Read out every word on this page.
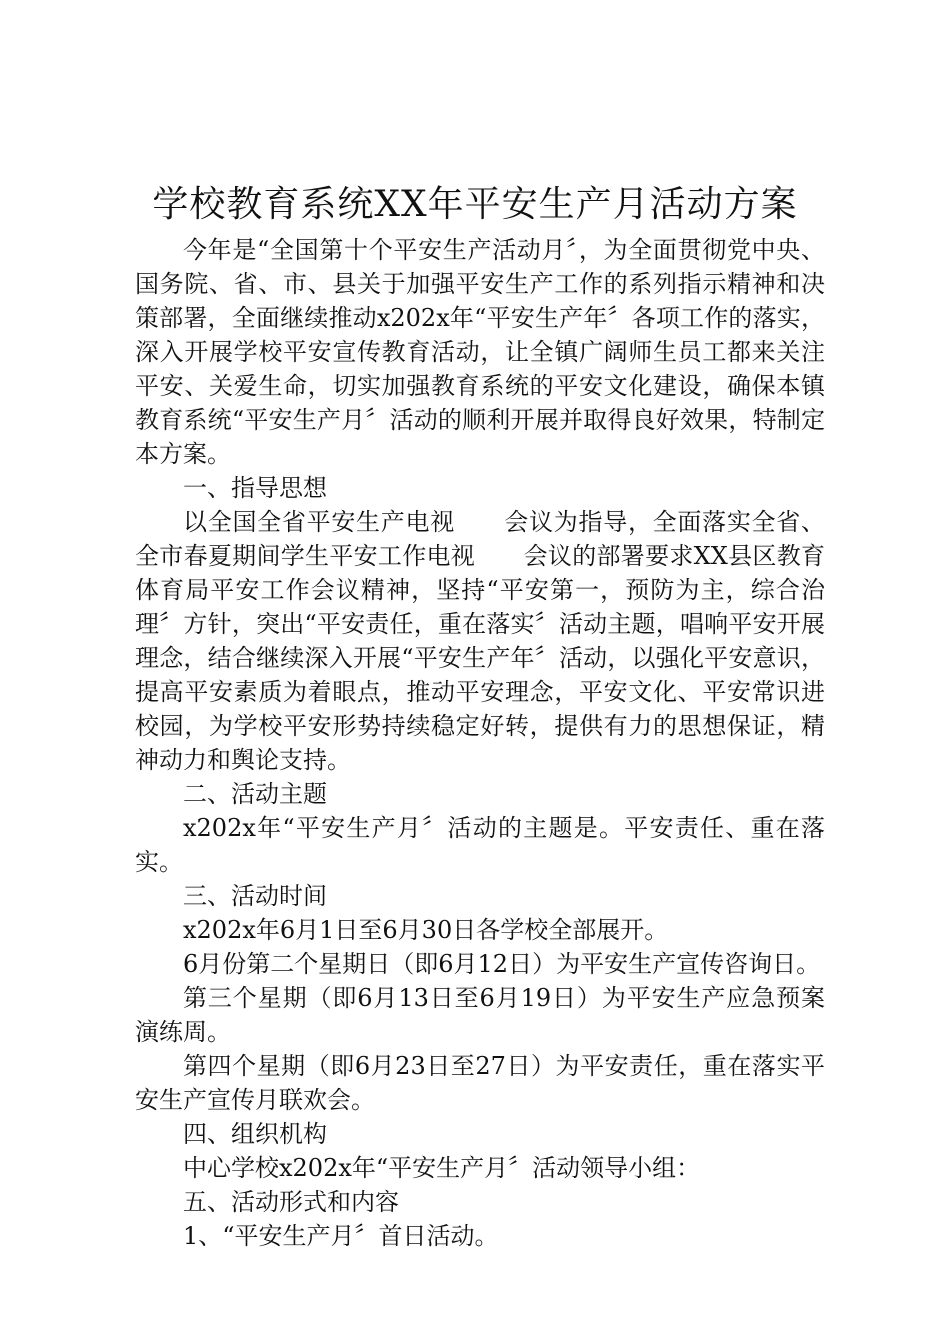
学校教育系统XX年平安生产月活动方案

今年是“全国第十个平安生产活动月〞，为全面贯彻党中央、国务院、省、市、县关于加强平安生产工作的系列指示精神和决策部署，全面继续推动x202x年“平安生产年〞各项工作的落实，深入开展学校平安宣传教育活动，让全镇广阔师生员工都来关注平安、关爱生命，切实加强教育系统的平安文化建设，确保本镇教育系统“平安生产月〞活动的顺利开展并取得良好效果，特制定本方案。

一、指导思想

以全国全省平安生产电视　　会议为指导，全面落实全省、全市春夏期间学生平安工作电视　　会议的部署要求XX县区教育体育局平安工作会议精神，坚持“平安第一，预防为主，综合治理〞方针，突出“平安责任，重在落实〞活动主题，唱响平安开展理念，结合继续深入开展“平安生产年〞活动，以强化平安意识，提高平安素质为着眼点，推动平安理念，平安文化、平安常识进校园，为学校平安形势持续稳定好转，提供有力的思想保证，精神动力和舆论支持。

二、活动主题

x202x年“平安生产月〞活动的主题是。平安责任、重在落实。

三、活动时间

x202x年6月1日至6月30日各学校全部展开。

6月份第二个星期日（即6月12日）为平安生产宣传咨询日。

第三个星期（即6月13日至6月19日）为平安生产应急预案演练周。

第四个星期（即6月23日至27日）为平安责任，重在落实平安生产宣传月联欢会。

四、组织机构

中心学校x202x年“平安生产月〞活动领导小组：

五、活动形式和内容

1、“平安生产月〞首日活动。
